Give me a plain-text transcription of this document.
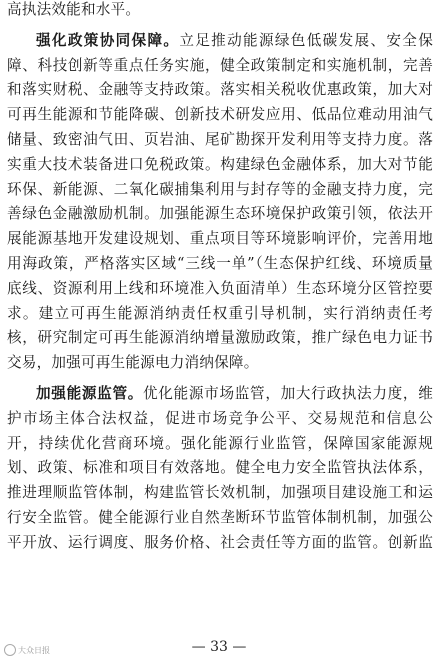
高执法效能和水平。
强化政策协同保障。立足推动能源绿色低碳发展、安全保
障、科技创新等重点任务实施，健全政策制定和实施机制，完善
和落实财税、金融等支持政策。落实相关税收优惠政策，加大对
可再生能源和节能降碳、创新技术研发应用、低品位难动用油气
储量、致密油气田、页岩油、尾矿勘探开发利用等支持力度。落
实重大技术装备进口免税政策。构建绿色金融体系，加大对节能
环保、新能源、二氧化碳捕集利用与封存等的金融支持力度，完
善绿色金融激励机制。加强能源生态环境保护政策引领，依法开
展能源基地开发建设规划、重点项目等环境影响评价，完善用地
用海政策，严格落实区域“三线一单”（生态保护红线、环境质量
底线、资源利用上线和环境准入负面清单）生态环境分区管控要
求。建立可再生能源消纳责任权重引导机制，实行消纳责任考
核，研究制定可再生能源消纳增量激励政策，推广绿色电力证书
交易，加强可再生能源电力消纳保障。
加强能源监管。优化能源市场监管，加大行政执法力度，维
护市场主体合法权益，促进市场竞争公平、交易规范和信息公
开，持续优化营商环境。强化能源行业监管，保障国家能源规
划、政策、标准和项目有效落地。健全电力安全监管执法体系，
推进理顺监管体制，构建监管长效机制，加强项目建设施工和运
行安全监管。健全能源行业自然垄断环节监管体制机制，加强公
平开放、运行调度、服务价格、社会责任等方面的监管。创新监
大众日报	— 33 —
